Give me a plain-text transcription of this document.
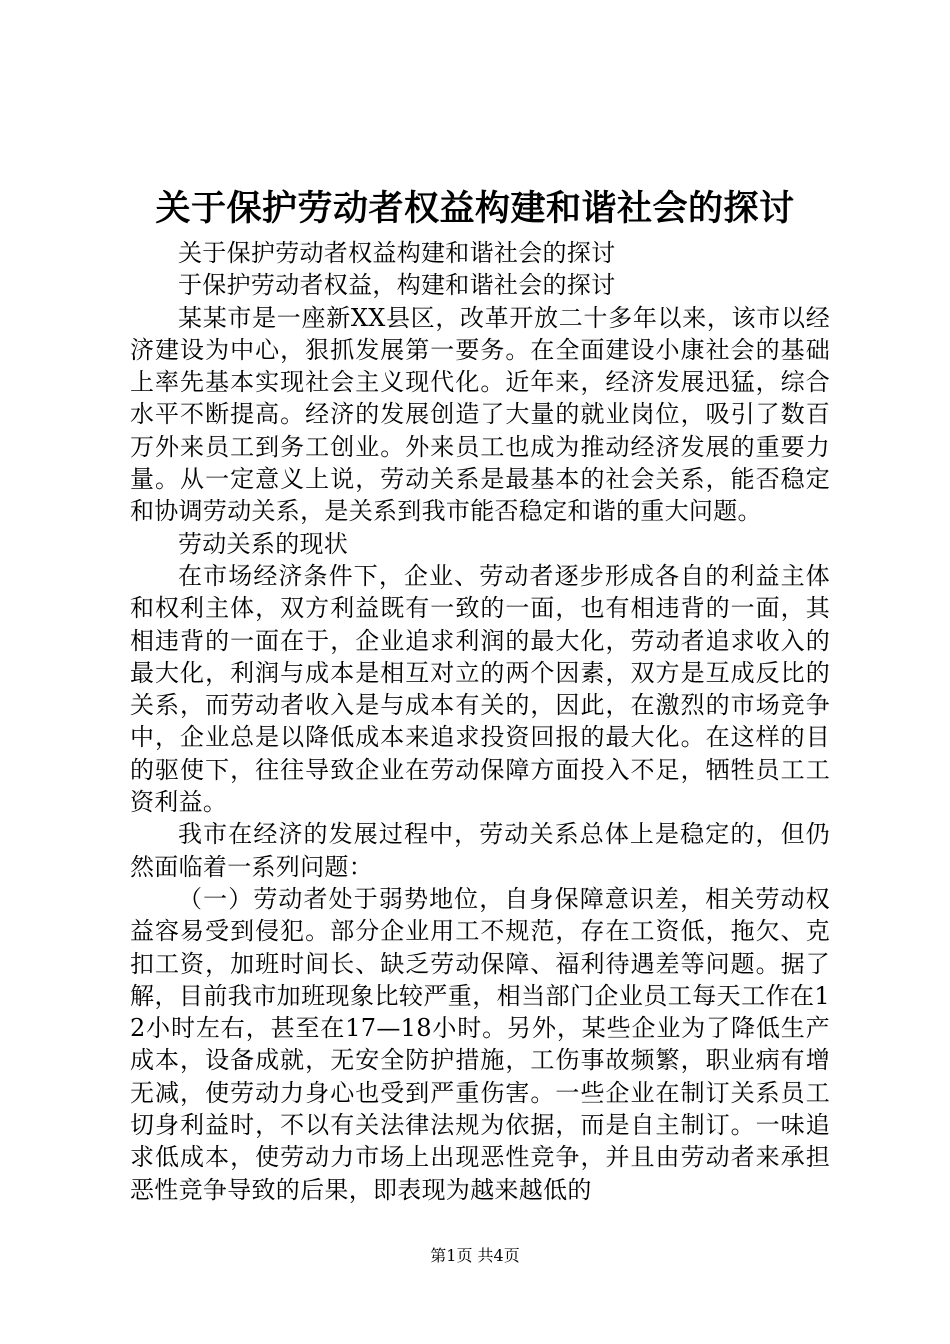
关于保护劳动者权益构建和谐社会的探讨

关于保护劳动者权益构建和谐社会的探讨

于保护劳动者权益，构建和谐社会的探讨

某某市是一座新XX县区，改革开放二十多年以来，该市以经济建设为中心，狠抓发展第一要务。在全面建设小康社会的基础上率先基本实现社会主义现代化。近年来，经济发展迅猛，综合水平不断提高。经济的发展创造了大量的就业岗位，吸引了数百万外来员工到务工创业。外来员工也成为推动经济发展的重要力量。从一定意义上说，劳动关系是最基本的社会关系，能否稳定和协调劳动关系，是关系到我市能否稳定和谐的重大问题。

劳动关系的现状

在市场经济条件下，企业、劳动者逐步形成各自的利益主体和权利主体，双方利益既有一致的一面，也有相违背的一面，其相违背的一面在于，企业追求利润的最大化，劳动者追求收入的最大化，利润与成本是相互对立的两个因素，双方是互成反比的关系，而劳动者收入是与成本有关的，因此，在激烈的市场竞争中，企业总是以降低成本来追求投资回报的最大化。在这样的目的驱使下，往往导致企业在劳动保障方面投入不足，牺牲员工工资利益。

我市在经济的发展过程中，劳动关系总体上是稳定的，但仍然面临着一系列问题：

（一）劳动者处于弱势地位，自身保障意识差，相关劳动权益容易受到侵犯。部分企业用工不规范，存在工资低，拖欠、克扣工资，加班时间长、缺乏劳动保障、福利待遇差等问题。据了解，目前我市加班现象比较严重，相当部门企业员工每天工作在12小时左右，甚至在17—18小时。另外，某些企业为了降低生产成本，设备成就，无安全防护措施，工伤事故频繁，职业病有增无减，使劳动力身心也受到严重伤害。一些企业在制订关系员工切身利益时，不以有关法律法规为依据，而是自主制订。一味追求低成本，使劳动力市场上出现恶性竞争，并且由劳动者来承担恶性竞争导致的后果，即表现为越来越低的

第1页 共4页
